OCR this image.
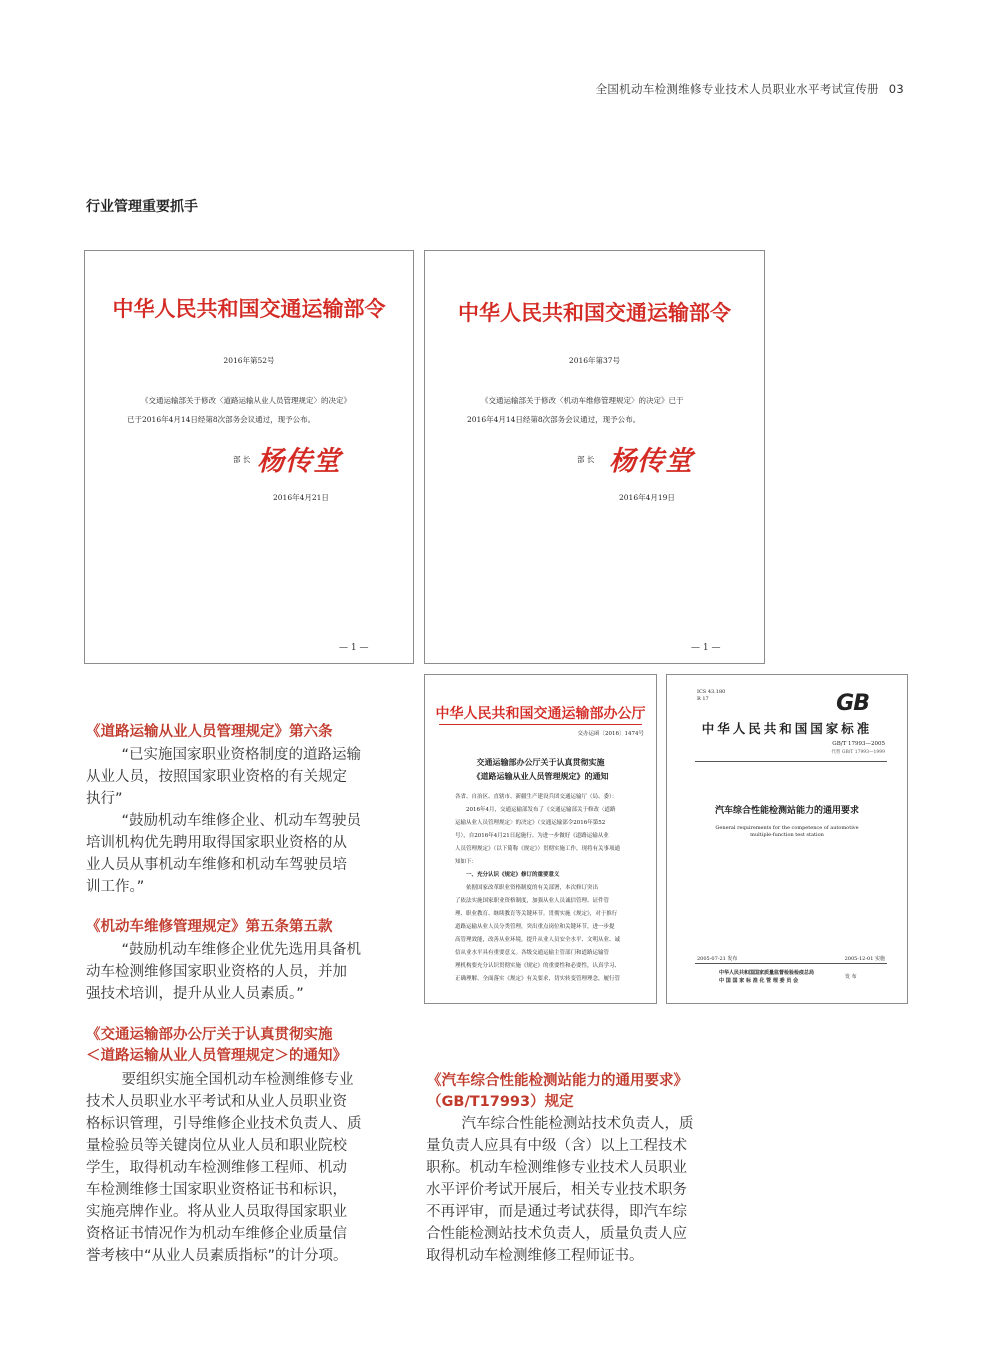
全国机动车检测维修专业技术人员职业水平考试宣传册 03
行业管理重要抓手
中华人民共和国交通运输部令
2016年第52号
《交通运输部关于修改〈道路运输从业人员管理规定〉的决定》
已于2016年4月14日经第8次部务会议通过，现予公布。
部 长 杨传堂
2016年4月21日
— 1 —
中华人民共和国交通运输部令
2016年第37号
《交通运输部关于修改〈机动车维修管理规定〉的决定》已于
2016年4月14日经第8次部务会议通过，现予公布。
部 长 杨传堂
2016年4月19日
— 1 —
中华人民共和国交通运输部办公厅
交办运函〔2016〕1474号
交通运输部办公厅关于认真贯彻实施
《道路运输从业人员管理规定》的通知
各省、自治区、直辖市、新疆生产建设兵团交通运输厅（局、委）：
　　2016年4月，交通运输部发布了《交通运输部关于修改〈道路
运输从业人员管理规定〉的决定》（交通运输部令2016年第52
号），自2016年4月21日起施行。为进一步做好《道路运输从业
人员管理规定》（以下简称《规定》）贯彻实施工作，现将有关事项通
知如下：
　　一、充分认识《规定》修订的重要意义
　　依据国家改革职业资格制度的有关部署，本次修订突出
了依法实施国家职业资格制度，加强从业人员诚信管理、证件管
理、职业教育、继续教育等关键环节。贯彻实施《规定》，对于推行
道路运输从业人员分类管理，突出重点岗位和关键环节，进一步提
高管理效能，改善从业环境，提升从业人员安全水平、文明从业、诚
信从业水平具有重要意义。各级交通运输主管部门和道路运输管
理机构要充分认识贯彻实施《规定》的重要性和必要性，认真学习、
正确理解、全面落实《规定》有关要求，切实转变管理理念，履行管
ICS 43.180
R 17	GB
中华人民共和国国家标准
GB/T 17993—2005
代替 GB/T 17993—1999
汽车综合性能检测站能力的通用要求
General requirements for the competence of automotive
multiple-function test station
2005-07-21 发布	2005-12-01 实施
中华人民共和国国家质量监督检验检疫总局
中 国 国 家 标 准 化 管 理 委 员 会
发 布
《道路运输从业人员管理规定》第六条
“已实施国家职业资格制度的道路运输
从业人员，按照国家职业资格的有关规定
执行”
“鼓励机动车维修企业、机动车驾驶员
培训机构优先聘用取得国家职业资格的从
业人员从事机动车维修和机动车驾驶员培
训工作。”
《机动车维修管理规定》第五条第五款
“鼓励机动车维修企业优先选用具备机
动车检测维修国家职业资格的人员，并加
强技术培训，提升从业人员素质。”
《交通运输部办公厅关于认真贯彻实施
＜道路运输从业人员管理规定＞的通知》
要组织实施全国机动车检测维修专业
技术人员职业水平考试和从业人员职业资
格标识管理，引导维修企业技术负责人、质
量检验员等关键岗位从业人员和职业院校
学生，取得机动车检测维修工程师、机动
车检测维修士国家职业资格证书和标识，
实施亮牌作业。将从业人员取得国家职业
资格证书情况作为机动车维修企业质量信
誉考核中“从业人员素质指标”的计分项。
《汽车综合性能检测站能力的通用要求》
（GB/T17993）规定
汽车综合性能检测站技术负责人，质
量负责人应具有中级（含）以上工程技术
职称。机动车检测维修专业技术人员职业
水平评价考试开展后，相关专业技术职务
不再评审，而是通过考试获得，即汽车综
合性能检测站技术负责人，质量负责人应
取得机动车检测维修工程师证书。
